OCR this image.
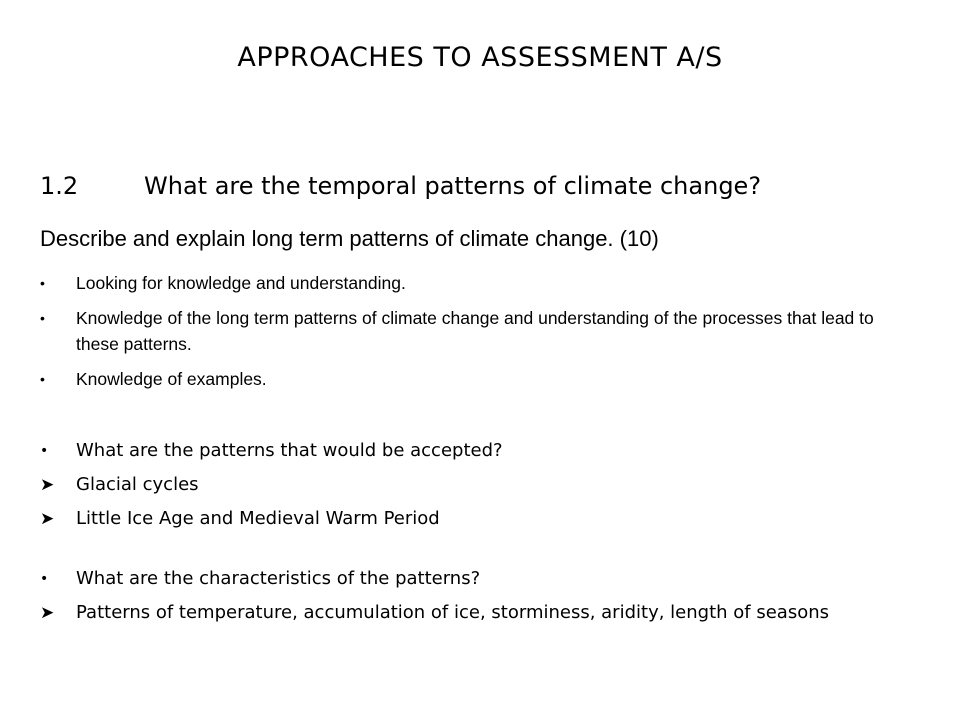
APPROACHES TO ASSESSMENT A/S
1.2	What are the temporal patterns of climate change?
Describe and explain long term patterns of climate change. (10)
• Looking for knowledge and understanding.
• Knowledge of the long term patterns of climate change and understanding of the processes that lead to these patterns.
• Knowledge of examples.
• What are the patterns that would be accepted?
➤ Glacial cycles
➤ Little Ice Age and Medieval Warm Period
• What are the characteristics of the patterns?
➤ Patterns of temperature, accumulation of ice, storminess, aridity, length of seasons
